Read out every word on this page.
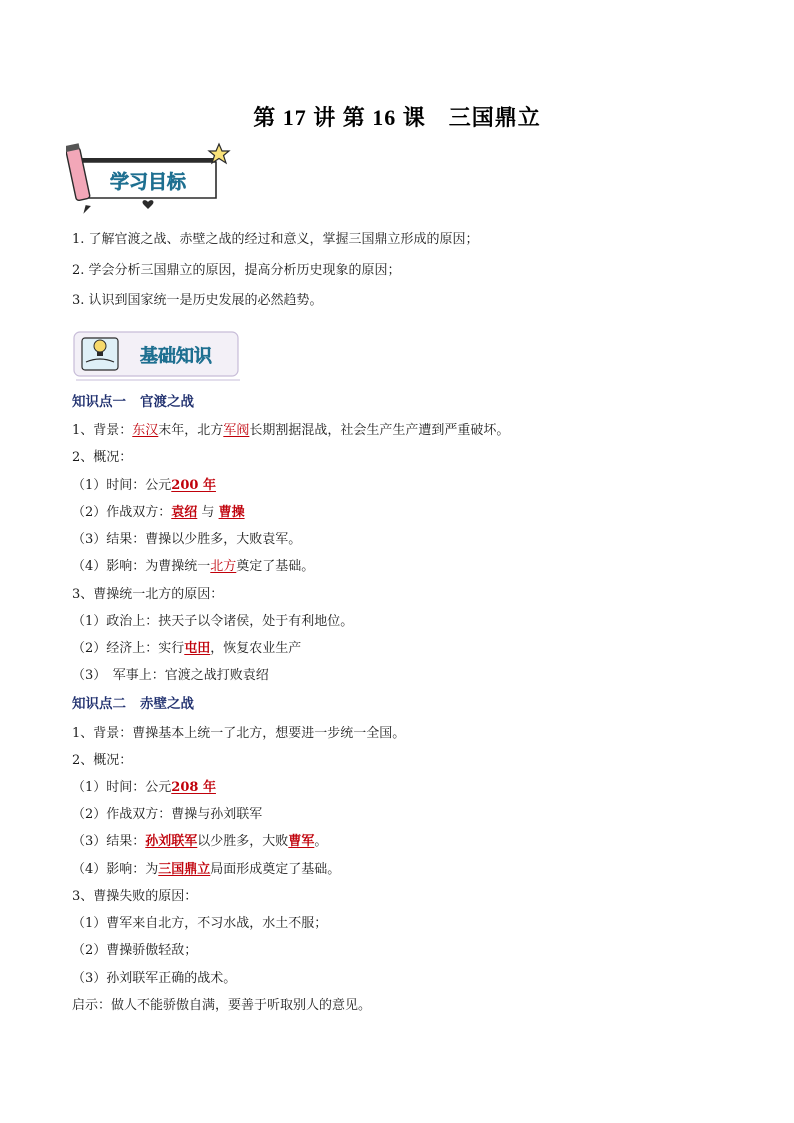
第 17 讲 第 16 课　三国鼎立
学习目标
1. 了解官渡之战、赤壁之战的经过和意义，掌握三国鼎立形成的原因；
2. 学会分析三国鼎立的原因，提高分析历史现象的原因；
3. 认识到国家统一是历史发展的必然趋势。
基础知识
知识点一 官渡之战
1、背景：东汉末年，北方军阀长期割据混战，社会生产生产遭到严重破坏。
2、概况：
（1）时间：公元200 年
（2）作战双方：袁绍 与 曹操
（3）结果：曹操以少胜多，大败袁军。
（4）影响：为曹操统一北方奠定了基础。
3、曹操统一北方的原因：
（1）政治上：挟天子以令诸侯，处于有利地位。
（2）经济上：实行屯田，恢复农业生产
（3）　军事上：官渡之战打败袁绍
知识点二 赤壁之战
1、背景：曹操基本上统一了北方，想要进一步统一全国。
2、概况：
（1）时间：公元208 年
（2）作战双方：曹操与孙刘联军
（3）结果：孙刘联军以少胜多，大败曹军。
（4）影响：为三国鼎立局面形成奠定了基础。
3、曹操失败的原因：
（1）曹军来自北方，不习水战，水土不服；
（2）曹操骄傲轻敌；
（3）孙刘联军正确的战术。
启示：做人不能骄傲自满，要善于听取别人的意见。
